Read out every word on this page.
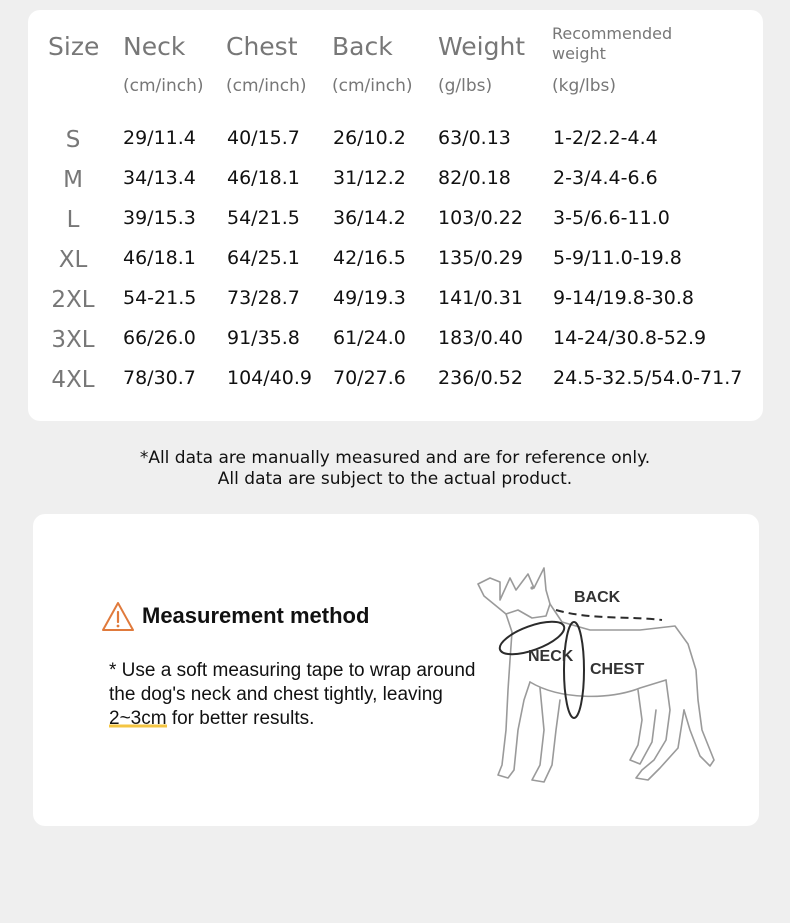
Size Neck Chest Back Weight Recommended weight
(cm/inch) (cm/inch) (cm/inch) (g/lbs)	(kg/lbs)
S	29/11.4 40/15.7 26/10.2 63/0.13 1-2/2.2-4.4
M	34/13.4 46/18.1 31/12.2 82/0.18 2-3/4.4-6.6
L	39/15.3 54/21.5 36/14.2 103/0.22 3-5/6.6-11.0
XL	46/18.1 64/25.1 42/16.5 135/0.29 5-9/11.0-19.8
2XL	54-21.5 73/28.7 49/19.3 141/0.31 9-14/19.8-30.8
3XL	66/26.0 91/35.8 61/24.0 183/0.40 14-24/30.8-52.9
4XL	78/30.7 104/40.9 70/27.6 236/0.52 24.5-32.5/54.0-71.7
*All data are manually measured and are for reference only.
All data are subject to the actual product.
Measurement method
* Use a soft measuring tape to wrap around the dog's neck and chest tightly, leaving 2~3cm for better results.
BACK
NECK
CHEST
